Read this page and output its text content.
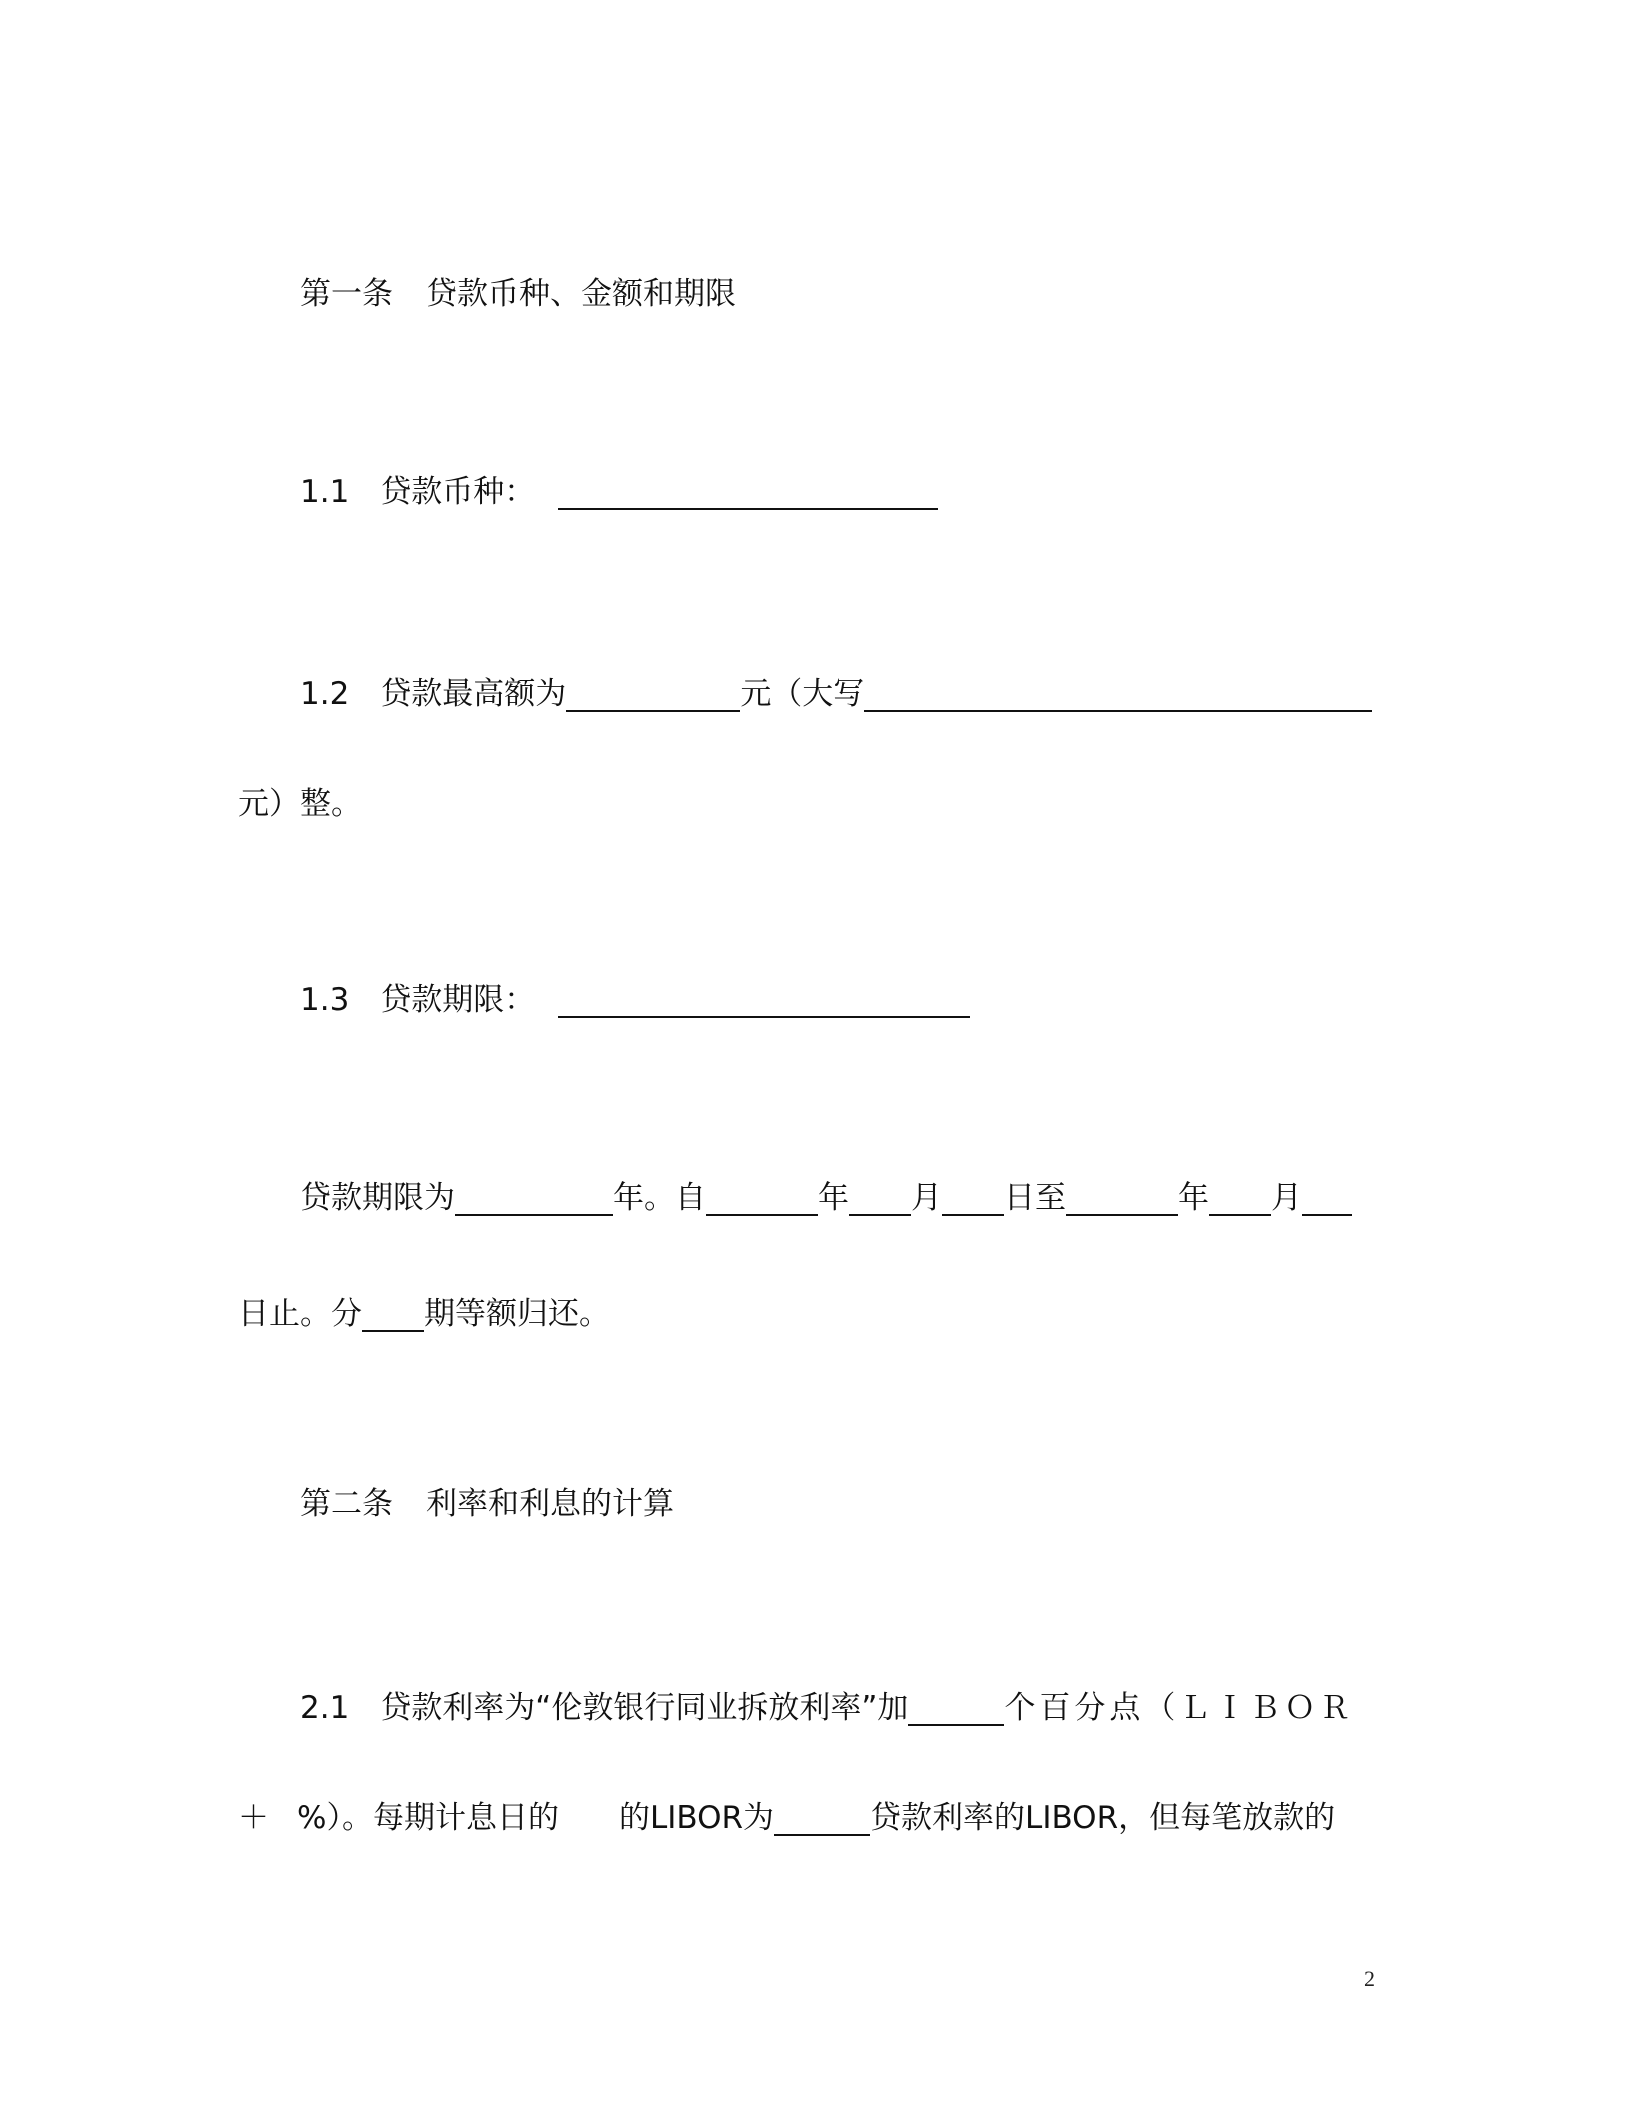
第一条 贷款币种、金额和期限
1.1 贷款币种：
1.2 贷款最高额为	元（大写
元）整。
1.3 贷款期限：
贷款期限为	年。自	年 月 日至	年 月
日止。分 期等额归还。
第二条 利率和利息的计算
2.1 贷款利率为“伦敦银行同业拆放利率”加	个百分点（ＬＩＢＯＲ
＋ %）。每期计息日的 的LIBOR为	贷款利率的LIBOR，但每笔放款的
2
